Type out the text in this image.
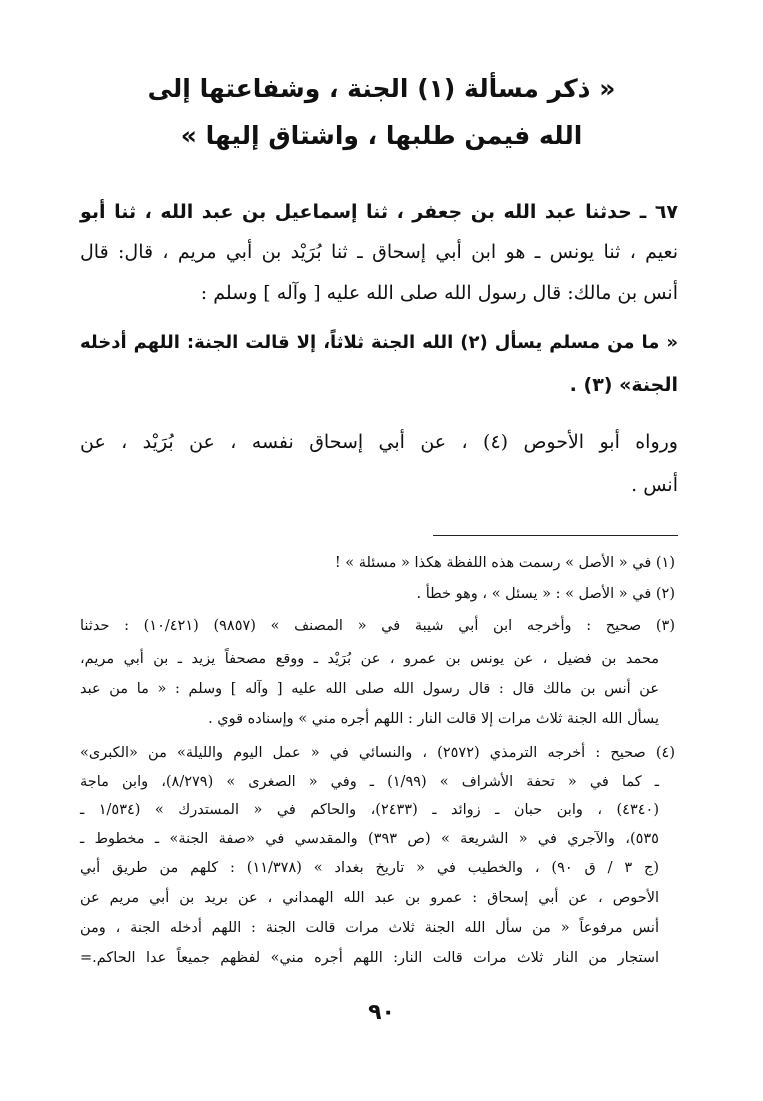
« ذكر مسألة (١) الجنة ، وشفاعتها إلى
الله فيمن طلبها ، واشتاق إليها »
٦٧ ـ حدثنا عبد الله بن جعفر ، ثنا إسماعيل بن عبد الله ، ثنا أبو
نعيم ، ثنا يونس ـ هو ابن أبي إسحاق ـ ثنا بُرَيْد بن أبي مريم ، قال: قال
أنس بن مالك: قال رسول الله صلى الله عليه [ وآله ] وسلم :
« ما من مسلم يسأل (٢) الله الجنة ثلاثاً، إلا قالت الجنة: اللهم أدخله
الجنة» (٣) .
ورواه أبو الأحوص (٤) ، عن أبي إسحاق نفسه ، عن بُرَيْد ، عن
أنس .
(١) في « الأصل » رسمت هذه اللفظة هكذا « مسئلة » !
(٢) في « الأصل » : « يسئل » ، وهو خطأ .
(٣) صحيح : وأخرجه ابن أبي شيبة في « المصنف » (٩٨٥٧) (١٠/٤٢١) : حدثنا
محمد بن فضيل ، عن يونس بن عمرو ، عن بُرَيْد ـ ووقع مصحفاً يزيد ـ بن أبي مريم،
عن أنس بن مالك قال : قال رسول الله صلى الله عليه [ وآله ] وسلم : « ما من عبد
يسأل الله الجنة ثلاث مرات إلا قالت النار : اللهم أجره مني » وإسناده قوي .
(٤) صحيح : أخرجه الترمذي (٢٥٧٢) ، والنسائي في « عمل اليوم والليلة» من «الكبرى»
ـ كما في « تحفة الأشراف » (١/٩٩) ـ وفي « الصغرى » (٨/٢٧٩)، وابن ماجة
(٤٣٤٠) ، وابن حبان ـ زوائد ـ (٢٤٣٣)، والحاكم في « المستدرك » (١/٥٣٤ ـ
٥٣٥)، والآجري في « الشريعة » (ص ٣٩٣) والمقدسي في «صفة الجنة» ـ مخطوط ـ
(ج ٣ / ق ٩٠) ، والخطيب في « تاريخ بغداد » (١١/٣٧٨) : كلهم من طريق أبي
الأحوص ، عن أبي إسحاق : عمرو بن عبد الله الهمداني ، عن بريد بن أبي مريم عن
أنس مرفوعاً « من سأل الله الجنة ثلاث مرات قالت الجنة : اللهم أدخله الجنة ، ومن
استجار من النار ثلاث مرات قالت النار: اللهم أجره مني» لفظهم جميعاً عدا الحاكم.=
٩٠
